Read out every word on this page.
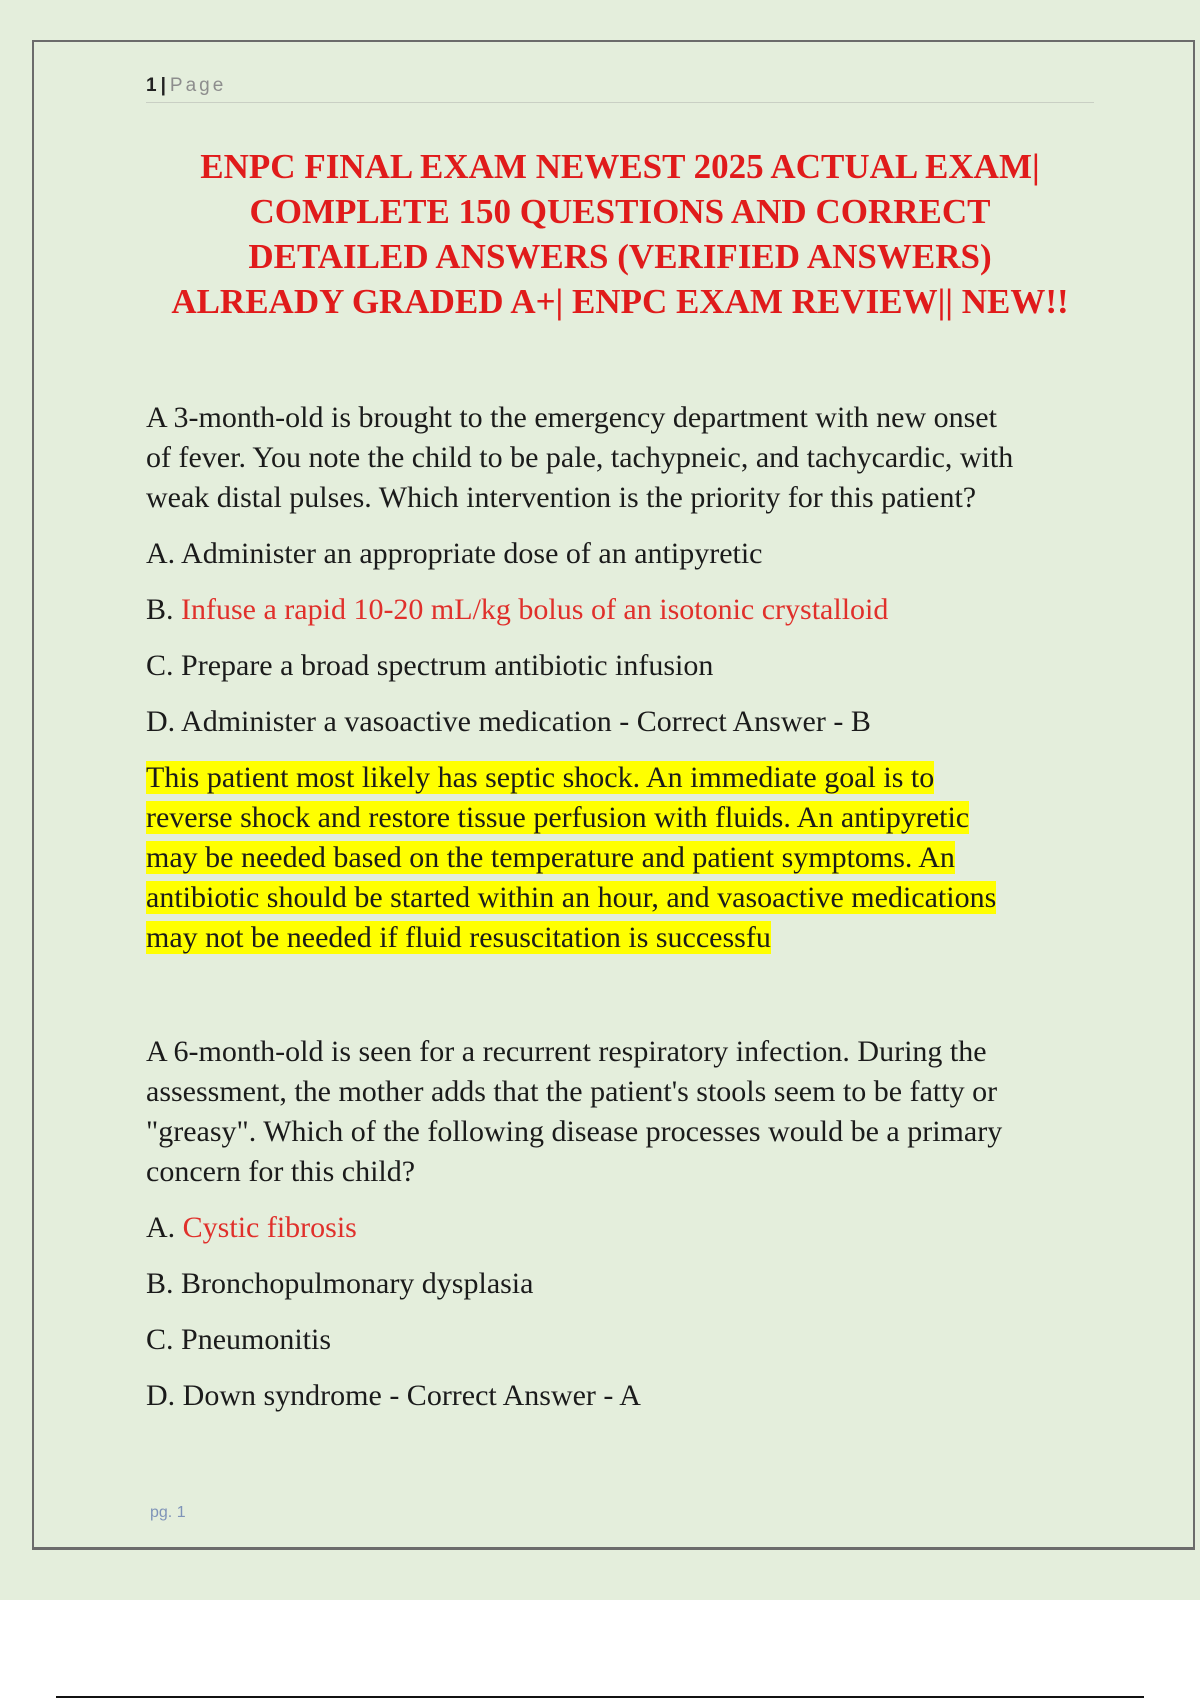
1 | Page
ENPC FINAL EXAM NEWEST 2025 ACTUAL EXAM|
COMPLETE 150 QUESTIONS AND CORRECT
DETAILED ANSWERS (VERIFIED ANSWERS)
ALREADY GRADED A+| ENPC EXAM REVIEW|| NEW!!
A 3-month-old is brought to the emergency department with new onset
of fever. You note the child to be pale, tachypneic, and tachycardic, with
weak distal pulses. Which intervention is the priority for this patient?
A. Administer an appropriate dose of an antipyretic
B. Infuse a rapid 10-20 mL/kg bolus of an isotonic crystalloid
C. Prepare a broad spectrum antibiotic infusion
D. Administer a vasoactive medication - Correct Answer - B
This patient most likely has septic shock. An immediate goal is to
reverse shock and restore tissue perfusion with fluids. An antipyretic
may be needed based on the temperature and patient symptoms. An
antibiotic should be started within an hour, and vasoactive medications
may not be needed if fluid resuscitation is successfu
A 6-month-old is seen for a recurrent respiratory infection. During the
assessment, the mother adds that the patient's stools seem to be fatty or
"greasy". Which of the following disease processes would be a primary
concern for this child?
A. Cystic fibrosis
B. Bronchopulmonary dysplasia
C. Pneumonitis
D. Down syndrome - Correct Answer - A
pg. 1
